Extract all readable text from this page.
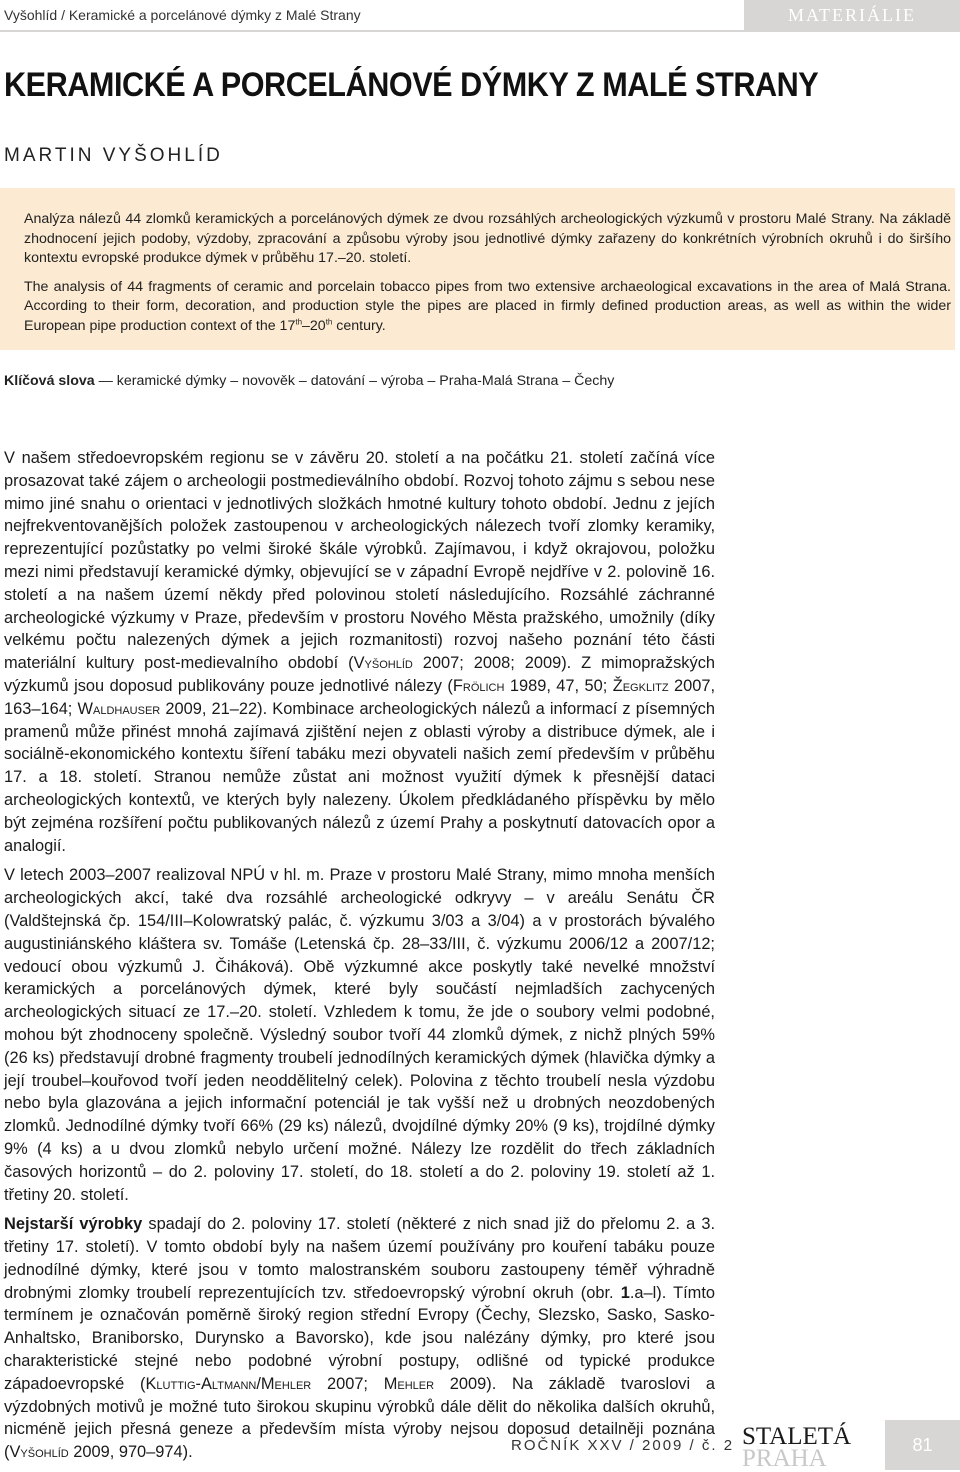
Vyšohlíd / Keramické a porcelánové dýmky z Malé Strany	MATERIÁLIE
KERAMICKÉ A PORCELÁNOVÉ DÝMKY Z MALÉ STRANY
MARTIN VYŠOHLÍD

Analýza nálezů 44 zlomků keramických a porcelánových dýmek ze dvou rozsáhlých archeologických výzkumů v prostoru Malé Strany. Na základě zhodnocení jejich podoby, výzdoby, zpracování a způsobu výroby jsou jednotlivé dýmky zařazeny do konkrétních výrobních okruhů i do širšího kontextu evropské produkce dýmek v průběhu 17.–20. století.

The analysis of 44 fragments of ceramic and porcelain tobacco pipes from two extensive archaeological excavations in the area of Malá Strana. According to their form, decoration, and production style the pipes are placed in firmly defined production areas, as well as within the wider European pipe production context of the 17th–20th century.

Klíčová slova — keramické dýmky – novověk – datování – výroba – Praha-Malá Strana – Čechy

V našem středoevropském regionu se v závěru 20. století a na počátku 21. století začíná více prosazovat také zájem o archeologii postmedieválního období. Rozvoj tohoto zájmu s sebou nese mimo jiné snahu o orientaci v jednotlivých složkách hmotné kultury tohoto období. Jednu z jejích nejfrekventovanějších položek zastoupenou v archeologických nálezech tvoří zlomky keramiky, reprezentující pozůstatky po velmi široké škále výrobků. Zajímavou, i když okrajovou, položku mezi nimi představují keramické dýmky, objevující se v západní Evropě nejdříve v 2. polovině 16. století a na našem území někdy před polovinou století následujícího. Rozsáhlé záchranné archeologické výzkumy v Praze, především v prostoru Nového Města pražského, umožnily (díky velkému počtu nalezených dýmek a jejich rozmanitosti) rozvoj našeho poznání této části materiální kultury post-medievalního období (Vyšohlíd 2007; 2008; 2009). Z mimopražských výzkumů jsou doposud publikovány pouze jednotlivé nálezy (Frölich 1989, 47, 50; Žegklitz 2007, 163–164; Waldhauser 2009, 21–22). Kombinace archeologických nálezů a informací z písemných pramenů může přinést mnohá zajímavá zjištění nejen z oblasti výroby a distribuce dýmek, ale i sociálně-ekonomického kontextu šíření tabáku mezi obyvateli našich zemí především v průběhu 17. a 18. století. Stranou nemůže zůstat ani možnost využití dýmek k přesnější dataci archeologických kontextů, ve kterých byly nalezeny. Úkolem předkládaného příspěvku by mělo být zejména rozšíření počtu publikovaných nálezů z území Prahy a poskytnutí datovacích opor a analogií.

V letech 2003–2007 realizoval NPÚ v hl. m. Praze v prostoru Malé Strany, mimo mnoha menších archeologických akcí, také dva rozsáhlé archeologické odkryvy – v areálu Senátu ČR (Valdštejnská čp. 154/III–Kolowratský palác, č. výzkumu 3/03 a 3/04) a v prostorách bývalého augustiniánského kláštera sv. Tomáše (Letenská čp. 28–33/III, č. výzkumu 2006/12 a 2007/12; vedoucí obou výzkumů J. Čiháková). Obě výzkumné akce poskytly také nevelké množství keramických a porcelánových dýmek, které byly součástí nejmladších zachycených archeologických situací ze 17.–20. století. Vzhledem k tomu, že jde o soubory velmi podobné, mohou být zhodnoceny společně. Výsledný soubor tvoří 44 zlomků dýmek, z nichž plných 59% (26 ks) představují drobné fragmenty troubelí jednodílných keramických dýmek (hlavička dýmky a její troubel–kouřovod tvoří jeden neoddělitelný celek). Polovina z těchto troubelí nesla výzdobu nebo byla glazována a jejich informační potenciál je tak vyšší než u drobných neozdobených zlomků. Jednodílné dýmky tvoří 66% (29 ks) nálezů, dvojdílné dýmky 20% (9 ks), trojdílné dýmky 9% (4 ks) a u dvou zlomků nebylo určení možné. Nálezy lze rozdělit do třech základních časových horizontů – do 2. poloviny 17. století, do 18. století a do 2. poloviny 19. století až 1. třetiny 20. století.

Nejstarší výrobky spadají do 2. poloviny 17. století (některé z nich snad již do přelomu 2. a 3. třetiny 17. století). V tomto období byly na našem území používány pro kouření tabáku pouze jednodílné dýmky, které jsou v tomto malostranském souboru zastoupeny téměř výhradně drobnými zlomky troubelí reprezentujících tzv. středoevropský výrobní okruh (obr. 1.a–l). Tímto termínem je označován poměrně široký region střední Evropy (Čechy, Slezsko, Sasko, Sasko-Anhaltsko, Braniborsko, Durynsko a Bavorsko), kde jsou nalézány dýmky, pro které jsou charakteristické stejné nebo podobné výrobní postupy, odlišné od typické produkce západoevropské (Kluttig-Altmann/Mehler 2007; Mehler 2009). Na základě tvaroslovi a výzdobných motivů je možné tuto širokou skupinu výrobků dále dělit do několika dalších okruhů, nicméně jejich přesná geneze a především místa výroby nejsou doposud detailněji poznána (Vyšohlíd 2009, 970–974).	ROČNÍK XXV / 2009 / č. 2 STALETÁ
PRAHA	81
